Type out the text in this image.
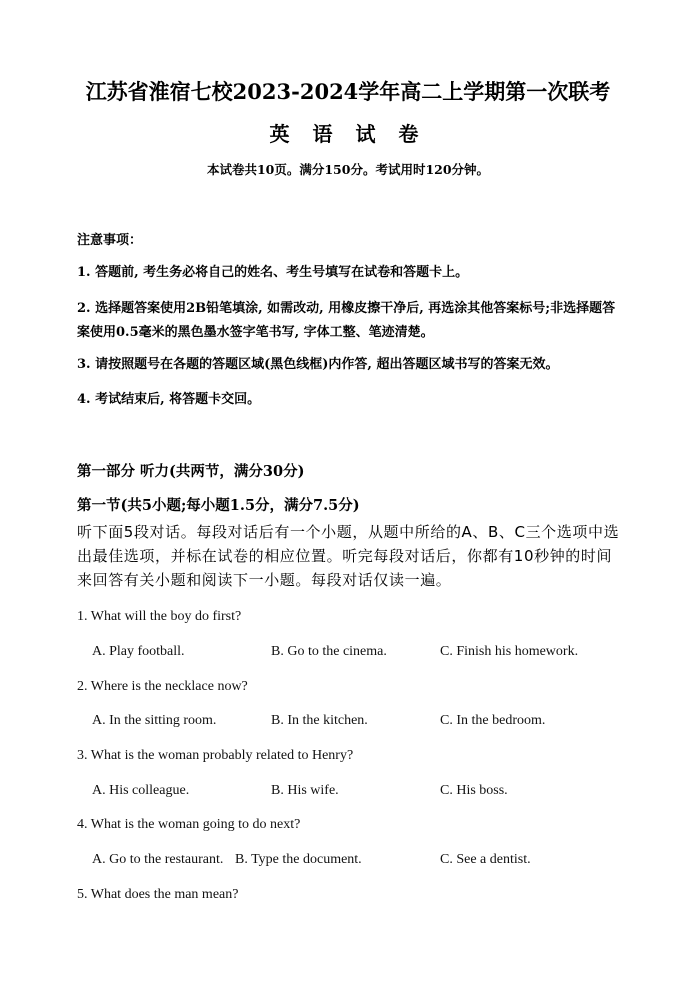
江苏省淮宿七校2023-2024学年高二上学期第一次联考
英 语 试 卷
本试卷共10页。满分150分。考试用时120分钟。
注意事项：
1. 答题前, 考生务必将自己的姓名、考生号填写在试卷和答题卡上。
2. 选择题答案使用2B铅笔填涂, 如需改动, 用橡皮擦干净后, 再选涂其他答案标号;非选择题答案使用0.5毫米的黑色墨水签字笔书写, 字体工整、笔迹清楚。
3. 请按照题号在各题的答题区域(黑色线框)内作答, 超出答题区域书写的答案无效。
4. 考试结束后, 将答题卡交回。
第一部分 听力(共两节，满分30分)
第一节(共5小题;每小题1.5分，满分7.5分)
听下面5段对话。每段对话后有一个小题，从题中所给的A、B、C三个选项中选出最佳选项，并标在试卷的相应位置。听完每段对话后，你都有10秒钟的时间来回答有关小题和阅读下一小题。每段对话仅读一遍。
1. What will the boy do first?
A. Play football.	B. Go to the cinema.	C. Finish his homework.
2. Where is the necklace now?
A. In the sitting room.	B. In the kitchen.	C. In the bedroom.
3. What is the woman probably related to Henry?
A. His colleague.	B. His wife.	C. His boss.
4. What is the woman going to do next?
A. Go to the restaurant. B. Type the document.	C. See a dentist.
5. What does the man mean?
